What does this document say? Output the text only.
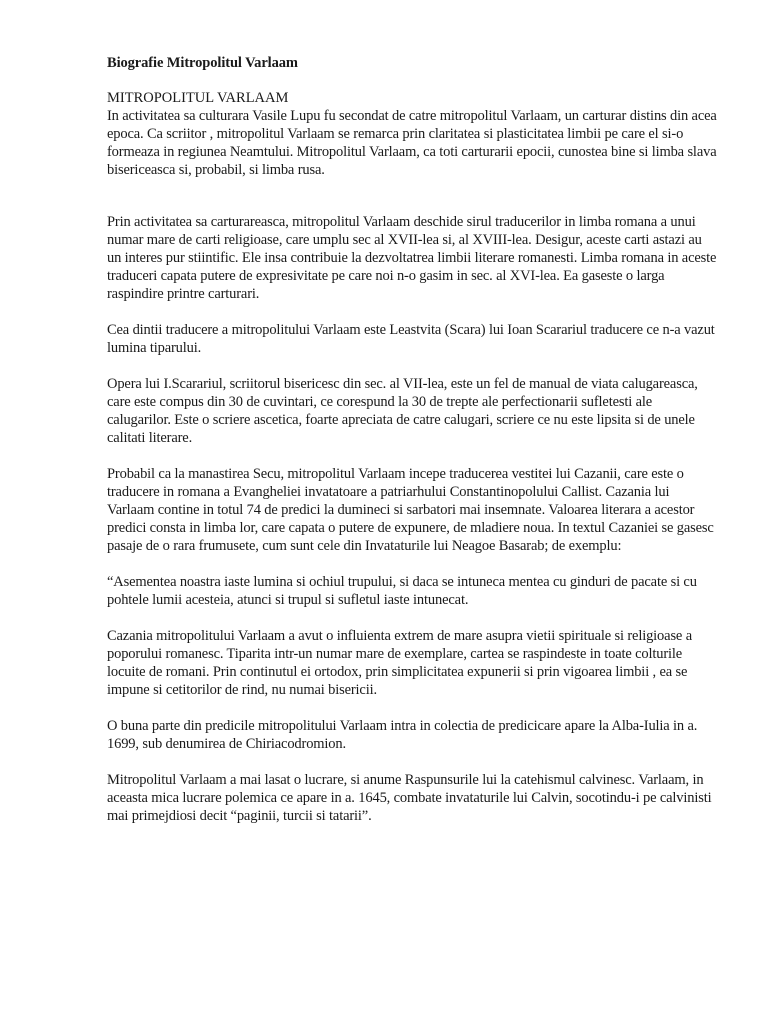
Biografie Mitropolitul Varlaam
MITROPOLITUL VARLAAM

In activitatea sa culturara Vasile Lupu fu secondat de catre mitropolitul Varlaam, un carturar distins din acea epoca. Ca scriitor , mitropolitul Varlaam se remarca prin claritatea si plasticitatea limbii pe care el si-o formeaza in regiunea Neamtului. Mitropolitul Varlaam, ca toti carturarii epocii, cunostea bine si limba slava bisericeasca si, probabil, si limba rusa.

Prin activitatea sa carturareasca, mitropolitul Varlaam deschide sirul traducerilor in limba romana a unui numar mare de carti religioase, care umplu sec al XVII-lea si, al XVIII-lea. Desigur, aceste carti astazi au un interes pur stiintific. Ele insa contribuie la dezvoltatrea limbii literare romanesti. Limba romana in aceste traduceri capata putere de expresivitate pe care noi n-o gasim in sec. al XVI-lea. Ea gaseste o larga raspindire printre carturari.

Cea dintii traducere a mitropolitului Varlaam este Leastvita (Scara) lui Ioan Scarariul traducere ce n-a vazut lumina tiparului.

Opera lui I.Scarariul, scriitorul bisericesc din sec. al VII-lea, este un fel de manual de viata calugareasca, care este compus din 30 de cuvintari, ce corespund la 30 de trepte ale perfectionarii sufletesti ale calugarilor. Este o scriere ascetica, foarte apreciata de catre calugari, scriere ce nu este lipsita si de unele calitati literare.

Probabil ca la manastirea Secu, mitropolitul Varlaam incepe traducerea vestitei lui Cazanii, care este o traducere in romana a Evangheliei invatatoare a patriarhului Constantinopolului Callist. Cazania lui Varlaam contine in totul 74 de predici la dumineci si sarbatori mai insemnate. Valoarea literara a acestor predici consta in limba lor, care capata o putere de expunere, de mladiere noua. In textul Cazaniei se gasesc pasaje de o rara frumusete, cum sunt cele din Invataturile lui Neagoe Basarab; de exemplu:

“Asementea noastra iaste lumina si ochiul trupului, si daca se intuneca mentea cu ginduri de pacate si cu pohtele lumii acesteia, atunci si trupul si sufletul iaste intunecat.

Cazania mitropolitului Varlaam a avut o influienta extrem de mare asupra vietii spirituale si religioase a poporului romanesc. Tiparita intr-un numar mare de exemplare, cartea se raspindeste in toate colturile locuite de romani. Prin continutul ei ortodox, prin simplicitatea expunerii si prin vigoarea limbii , ea se impune si cetitorilor de rind, nu numai bisericii.

O buna parte din predicile mitropolitului Varlaam intra in colectia de predicicare apare la Alba-Iulia in a. 1699, sub denumirea de Chiriacodromion.

Mitropolitul Varlaam a mai lasat o lucrare, si anume Raspunsurile lui la catehismul calvinesc. Varlaam, in aceasta mica lucrare polemica ce apare in a. 1645, combate invataturile lui Calvin, socotindu-i pe calvinisti mai primejdiosi decit “paginii, turcii si tatarii”.
